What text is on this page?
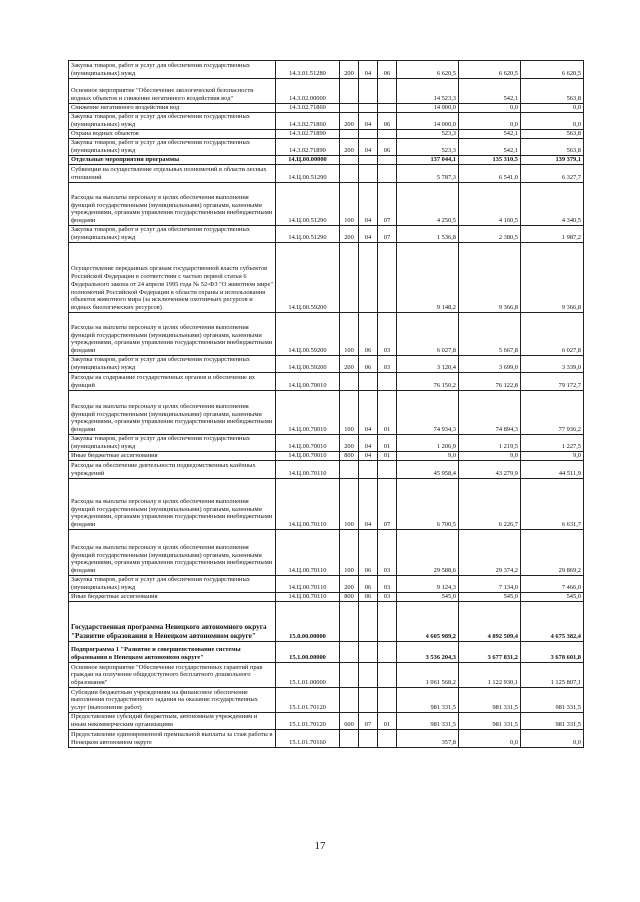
Закупка товаров, работ и услуг для обеспечения государственных (муниципальных) нужд	14.3.01.51280	200	04	06	6 620,5	6 620,5	6 620,5
Основное мероприятие "Обеспечение экологической безопасности водных объектов и снижение негативного воздействия вод"	14.3.02.00000				14 523,3	542,1	563,8
Снижение негативного воздействия вод	14.3.02.71860				14 000,0	0,0	0,0
Закупка товаров, работ и услуг для обеспечения государственных (муниципальных) нужд	14.3.02.71860	200	04	06	14 000,0	0,0	0,0
Охрана водных объектов	14.3.02.71890				523,3	542,1	563,8
Закупка товаров, работ и услуг для обеспечения государственных (муниципальных) нужд	14.3.02.71890	200	04	06	523,3	542,1	563,8
Отдельные мероприятия программы	14.Ц.00.00000				137 044,1	135 310,5	139 379,1
Субвенции на осуществление отдельных полномочий в области лесных отношений	14.Ц.00.51290				5 787,3	6 541,0	6 327,7
Расходы на выплаты персоналу в целях обеспечения выполнения функций государственными (муниципальными) органами, казенными учреждениями, органами управления государственными внебюджетными фондами	14.Ц.00.51290	100	04	07	4 250,5	4 160,5	4 340,5
Закупка товаров, работ и услуг для обеспечения государственных (муниципальных) нужд	14.Ц.00.51290	200	04	07	1 536,8	2 380,5	1 987,2
Осуществление переданных органам государственной власти субъектов Российской Федерации в соответствии с частью первой статьи 6 Федерального закона от 24 апреля 1995 года № 52-ФЗ "О животном мире" полномочий Российской Федерации в области охраны и использования объектов животного мира (за исключением охотничьих ресурсов и водных биологических ресурсов)	14.Ц.00.59200				9 148,2	9 366,8	9 366,8
Расходы на выплаты персоналу в целях обеспечения выполнения функций государственными (муниципальными) органами, казенными учреждениями, органами управления государственными внебюджетными фондами	14.Ц.00.59200	100	06	03	6 027,8	5 667,8	6 027,8
Закупка товаров, работ и услуг для обеспечения государственных (муниципальных) нужд	14.Ц.00.59200	200	06	03	3 120,4	3 699,0	3 339,0
Расходы на содержание государственных органов и обеспечение их функций	14.Ц.00.70010				76 150,2	76 122,8	79 172,7
Расходы на выплаты персоналу в целях обеспечения выполнения функций государственными (муниципальными) органами, казенными учреждениями, органами управления государственными внебюджетными фондами	14.Ц.00.70010	100	04	01	74 934,3	74 894,3	77 936,2
Закупка товаров, работ и услуг для обеспечения государственных (муниципальных) нужд	14.Ц.00.70010	200	04	01	1 206,9	1 219,5	1 227,5
Иные бюджетные ассигнования	14.Ц.00.70010	800	04	01	9,0	9,0	9,0
Расходы на обеспечение деятельности подведомственных казённых учреждений	14.Ц.00.70110				45 958,4	43 279,9	44 511,9
Расходы на выплаты персоналу в целях обеспечения выполнения функций государственными (муниципальными) органами, казенными учреждениями, органами управления государственными внебюджетными фондами	14.Ц.00.70110	100	04	07	6 700,5	6 226,7	6 631,7
Расходы на выплаты персоналу в целях обеспечения выполнения функций государственными (муниципальными) органами, казенными учреждениями, органами управления государственными внебюджетными фондами	14.Ц.00.70110	100	06	03	29 588,6	29 374,2	29 869,2
Закупка товаров, работ и услуг для обеспечения государственных (муниципальных) нужд	14.Ц.00.70110	200	06	03	9 124,3	7 134,0	7 466,0
Иные бюджетные ассигнования	14.Ц.00.70110	800	06	03	545,0	545,0	545,0
Государственная программа Ненецкого автономного округа "Развитие образования в Ненецком автономном округе"	15.0.00.00000				4 605 989,2	4 892 509,4	4 675 382,4
Подпрограмма 1 "Развитие и совершенствование системы образования в Ненецком автономном округе"	15.1.00.00000				3 536 204,3	3 677 831,2	3 678 601,8
Основное мероприятие "Обеспечение государственных гарантий прав граждан на получение общедоступного бесплатного дошкольного образования"	15.1.01.00000				1 061 568,2	1 122 930,1	1 125 807,1
Субсидии бюджетным учреждениям на финансовое обеспечение выполнения государственного задания на оказание государственных услуг (выполнение работ)	15.1.01.70120				981 331,5	981 331,5	981 331,5
Предоставление субсидий бюджетным, автономным учреждениям и иным некоммерческим организациям	15.1.01.70120	600	07	01	981 331,5	981 331,5	981 331,5
Предоставление единовременной премиальной выплаты за стаж работы в Ненецком автономном округе	15.1.01.70160				357,8	0,0	0,0
17
